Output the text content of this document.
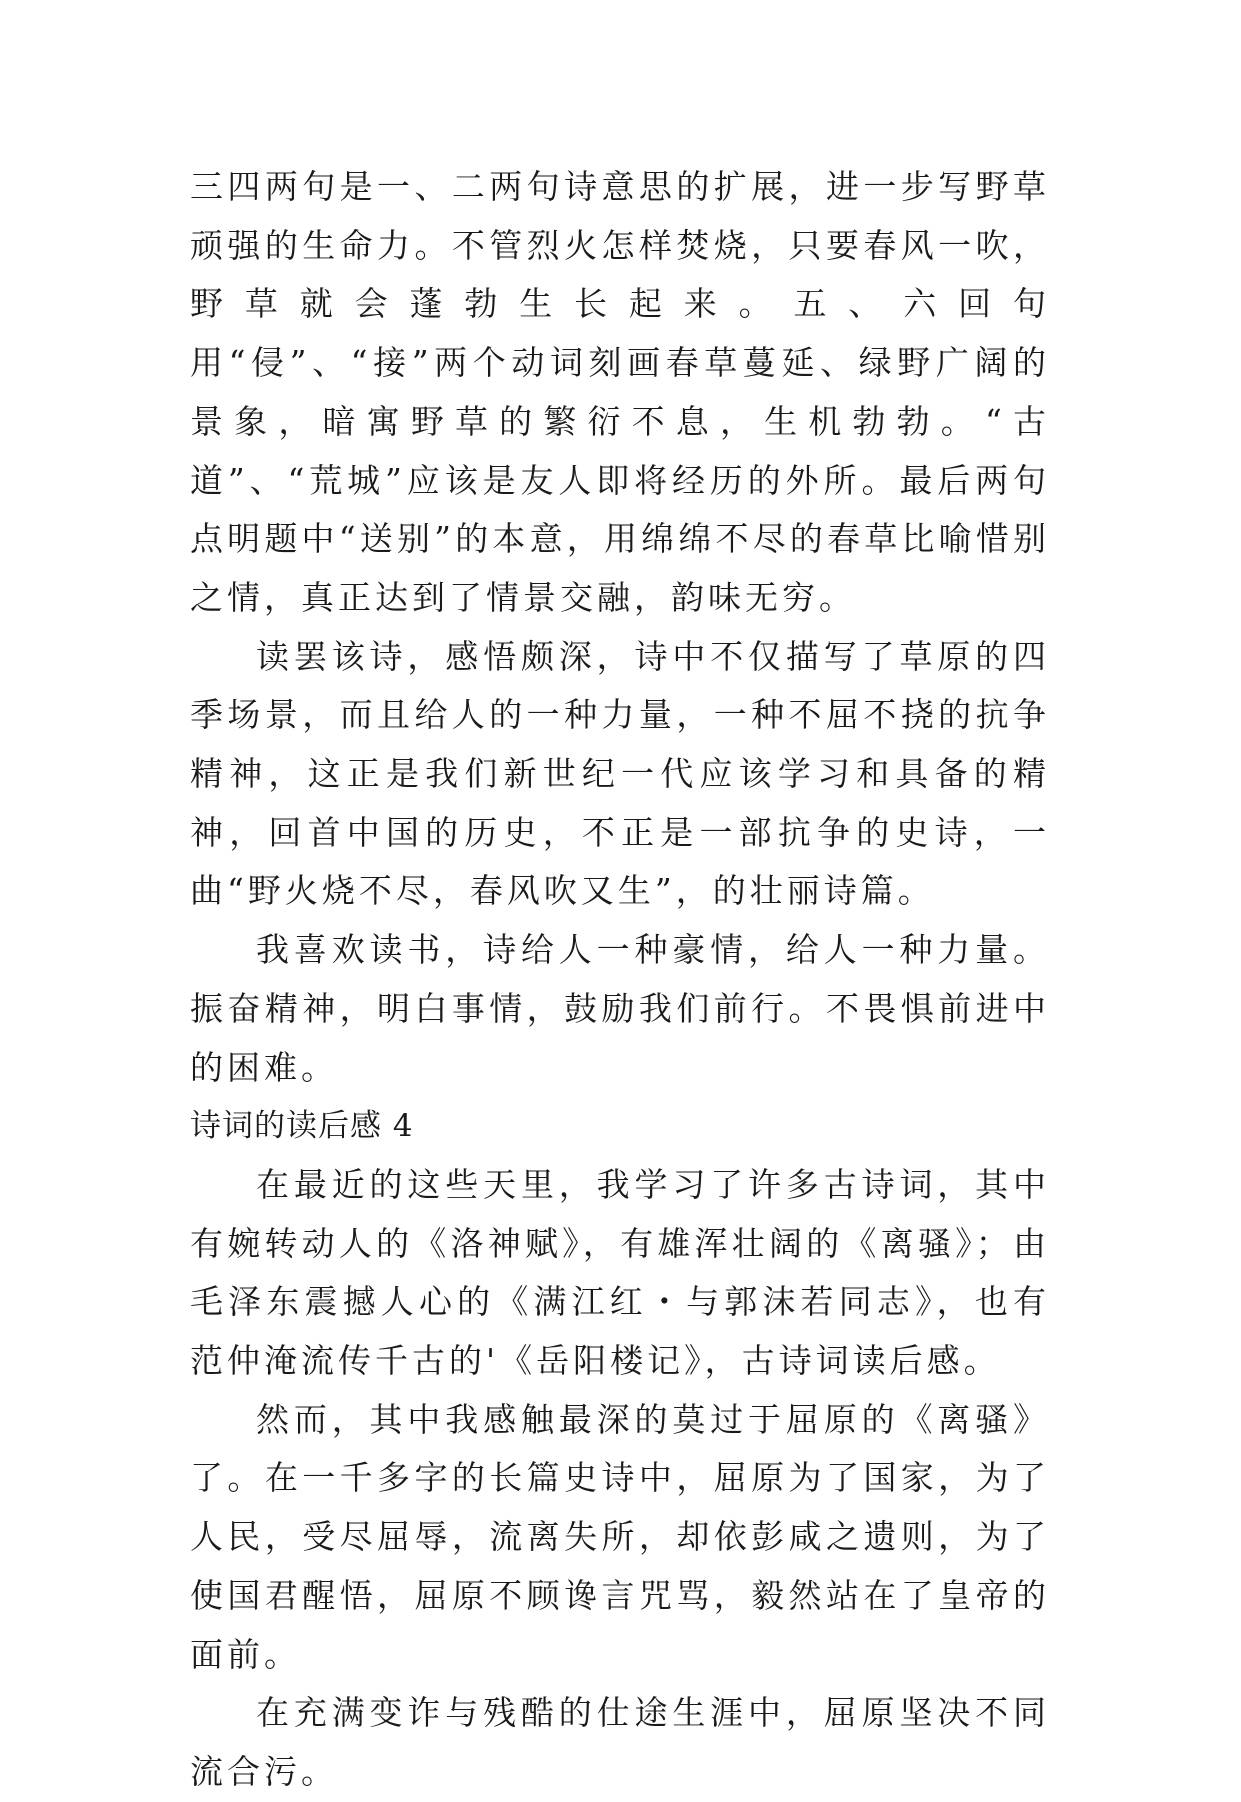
三四两句是一、二两句诗意思的扩展，进一步写野草顽强的生命力。不管烈火怎样焚烧，只要春风一吹，野草就会蓬勃生长起来。五、六回句用“侵”、“接”两个动词刻画春草蔓延、绿野广阔的景象，暗寓野草的繁衍不息，生机勃勃。“古道”、“荒城”应该是友人即将经历的外所。最后两句点明题中“送别”的本意，用绵绵不尽的春草比喻惜别之情，真正达到了情景交融，韵味无穷。

读罢该诗，感悟颇深，诗中不仅描写了草原的四季场景，而且给人的一种力量，一种不屈不挠的抗争精神，这正是我们新世纪一代应该学习和具备的精神，回首中国的历史，不正是一部抗争的史诗，一曲“野火烧不尽，春风吹又生”，的壮丽诗篇。

我喜欢读书，诗给人一种豪情，给人一种力量。振奋精神，明白事情，鼓励我们前行。不畏惧前进中的困难。

诗词的读后感 4

在最近的这些天里，我学习了许多古诗词，其中有婉转动人的《洛神赋》，有雄浑壮阔的《离骚》；由毛泽东震撼人心的《满江红・与郭沫若同志》，也有范仲淹流传千古的'《岳阳楼记》，古诗词读后感。

然而，其中我感触最深的莫过于屈原的《离骚》了。在一千多字的长篇史诗中，屈原为了国家，为了人民，受尽屈辱，流离失所，却依彭咸之遗则，为了使国君醒悟，屈原不顾谗言咒骂，毅然站在了皇帝的面前。

在充满变诈与残酷的仕途生涯中，屈原坚决不同流合污。
